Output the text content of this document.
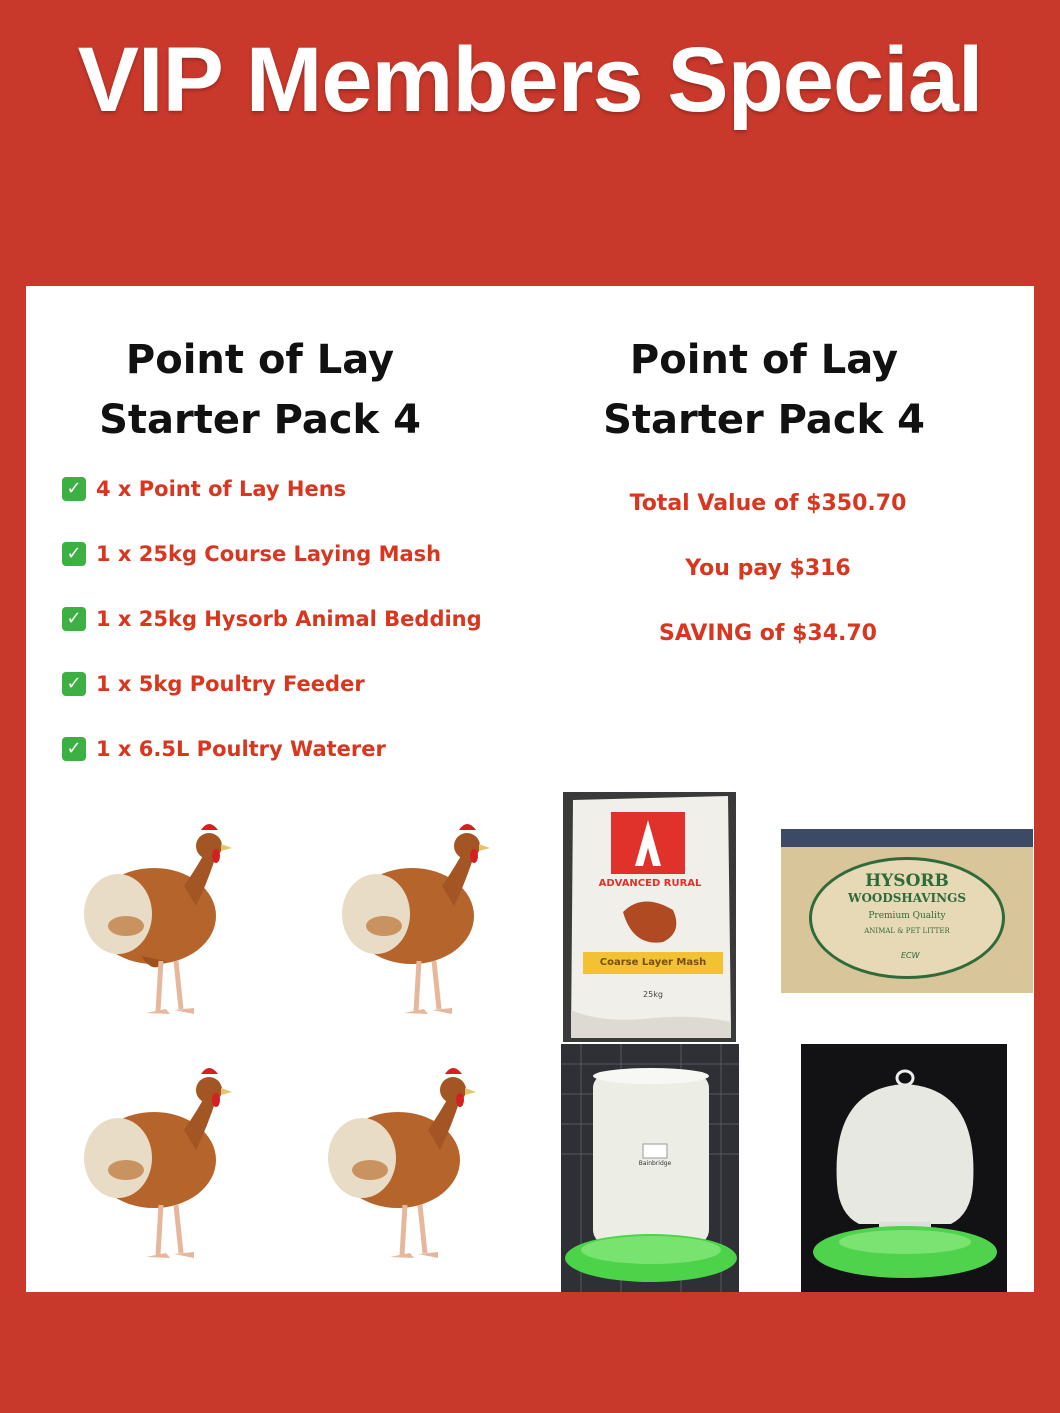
VIP Members Special
Point of Lay
Starter Pack 4
Point of Lay
Starter Pack 4
✓ 4 x Point of Lay Hens
✓ 1 x 25kg Course Laying Mash
✓ 1 x 25kg Hysorb Animal Bedding
✓ 1 x 5kg Poultry Feeder
✓ 1 x 6.5L Poultry Waterer
Total Value of $350.70
You pay $316
SAVING of $34.70
ADVANCED RURAL
Coarse Layer Mash
25kg
HYSORB
WOODSHAVINGS
Premium Quality
ANIMAL & PET LITTER
ECW
Bainbridge
